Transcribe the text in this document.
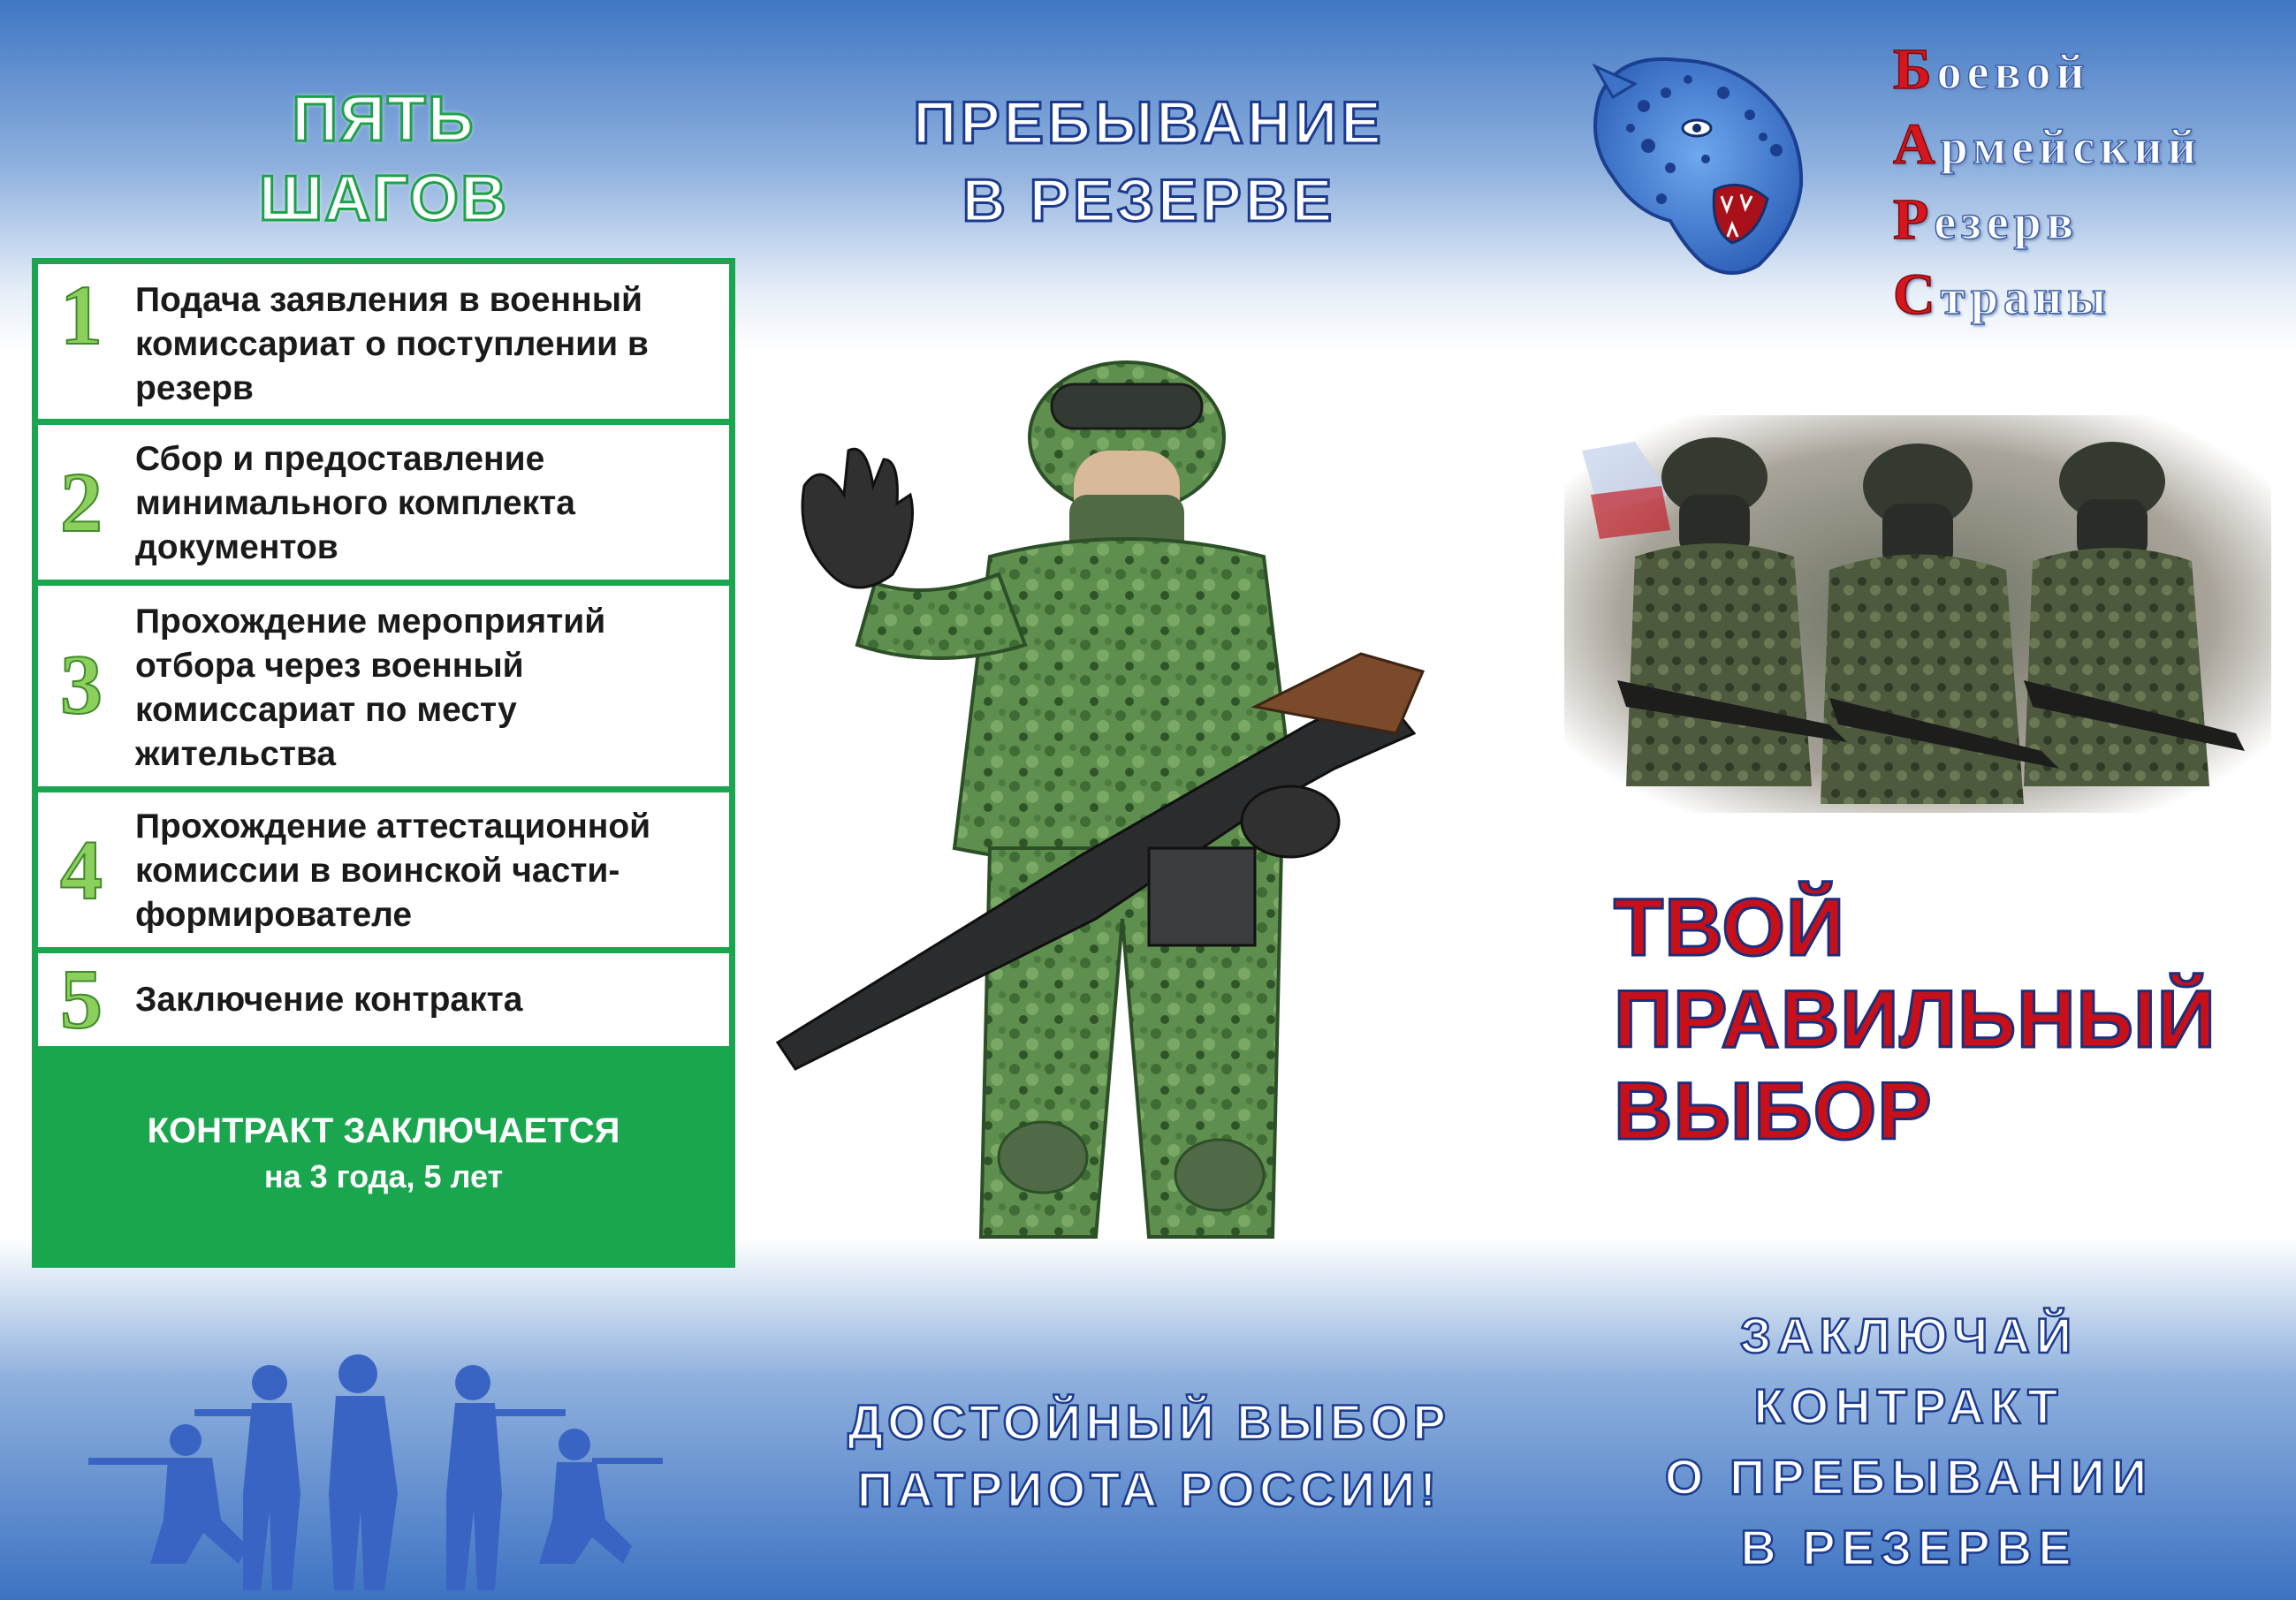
ПЯТЬ
ШАГОВ
1 Подача заявления в военный комиссариат о поступлении в резерв
2 Сбор и предоставление минимального комплекта документов
3
Прохождение мероприятий отбора через военный комиссариат по месту жительства
4 Прохождение аттестационной комиссии в воинской части-формирователе
5 Заключение контракта
КОНТРАКТ ЗАКЛЮЧАЕТСЯ
на 3 года, 5 лет
ПРЕБЫВАНИЕ
В РЕЗЕРВЕ
Боевой
Армейский
Резерв
Страны
ТВОЙ
ПРАВИЛЬНЫЙ
ВЫБОР
ДОСТОЙНЫЙ ВЫБОР
ПАТРИОТА РОССИИ!
ЗАКЛЮЧАЙ
КОНТРАКТ
О ПРЕБЫВАНИИ
В РЕЗЕРВЕ
